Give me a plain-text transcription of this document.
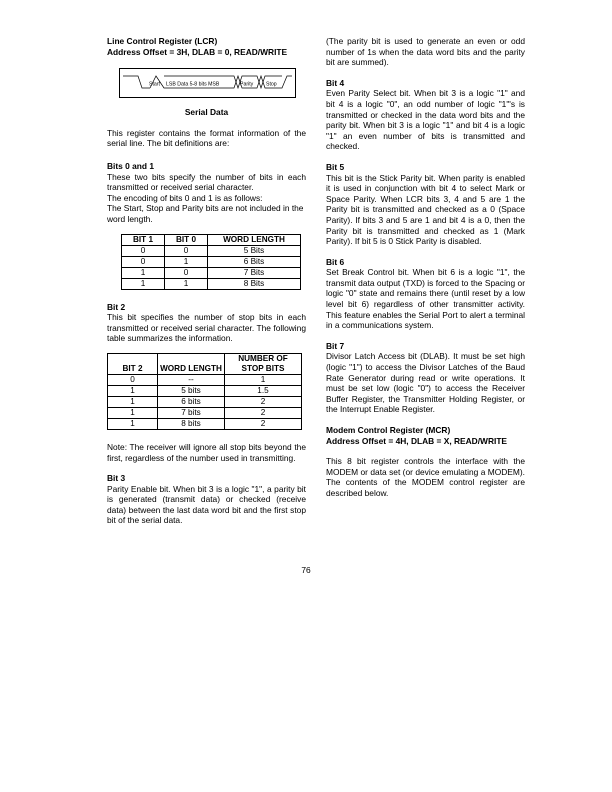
Line Control Register (LCR)

Address Offset = 3H, DLAB = 0, READ/WRITE

Start LSB Data 5-8 bits MSB	Parity Stop

Serial Data

This register contains the format information of the serial line. The bit definitions are:

Bits 0 and 1

These two bits specify the number of bits in each transmitted or received serial character.

The encoding of bits 0 and 1 is as follows:

The Start, Stop and Parity bits are not included in the word length.

BIT 1	BIT 0	WORD LENGTH
0	0	5 Bits
0	1	6 Bits
1	0	7 Bits
1	1	8 Bits

Bit 2

This bit specifies the number of stop bits in each transmitted or received serial character. The following table summarizes the information.

BIT 2	WORD LENGTH	NUMBER OF STOP BITS
0	--	1
1	5 bits	1.5
1	6 bits	2
1	7 bits	2
1	8 bits	2

Note: The receiver will ignore all stop bits beyond the first, regardless of the number used in transmitting.

Bit 3

Parity Enable bit. When bit 3 is a logic "1", a parity bit is generated (transmit data) or checked (receive data) between the last data word bit and the first stop bit of the serial data.

(The parity bit is used to generate an even or odd number of 1s when the data word bits and the parity bit are summed).

Bit 4

Even Parity Select bit. When bit 3 is a logic "1" and bit 4 is a logic "0", an odd number of logic "1"'s is transmitted or checked in the data word bits and the parity bit. When bit 3 is a logic "1" and bit 4 is a logic "1" an even number of bits is transmitted and checked.

Bit 5

This bit is the Stick Parity bit. When parity is enabled it is used in conjunction with bit 4 to select Mark or Space Parity. When LCR bits 3, 4 and 5 are 1 the Parity bit is transmitted and checked as a 0 (Space Parity). If bits 3 and 5 are 1 and bit 4 is a 0, then the Parity bit is transmitted and checked as 1 (Mark Parity). If bit 5 is 0 Stick Parity is disabled.

Bit 6

Set Break Control bit. When bit 6 is a logic "1", the transmit data output (TXD) is forced to the Spacing or logic "0" state and remains there (until reset by a low level bit 6) regardless of other transmitter activity. This feature enables the Serial Port to alert a terminal in a communications system.

Bit 7

Divisor Latch Access bit (DLAB). It must be set high (logic "1") to access the Divisor Latches of the Baud Rate Generator during read or write operations. It must be set low (logic "0") to access the Receiver Buffer Register, the Transmitter Holding Register, or the Interrupt Enable Register.

Modem Control Register (MCR)

Address Offset = 4H, DLAB = X, READ/WRITE

This 8 bit register controls the interface with the MODEM or data set (or device emulating a MODEM). The contents of the MODEM control register are described below.

76
